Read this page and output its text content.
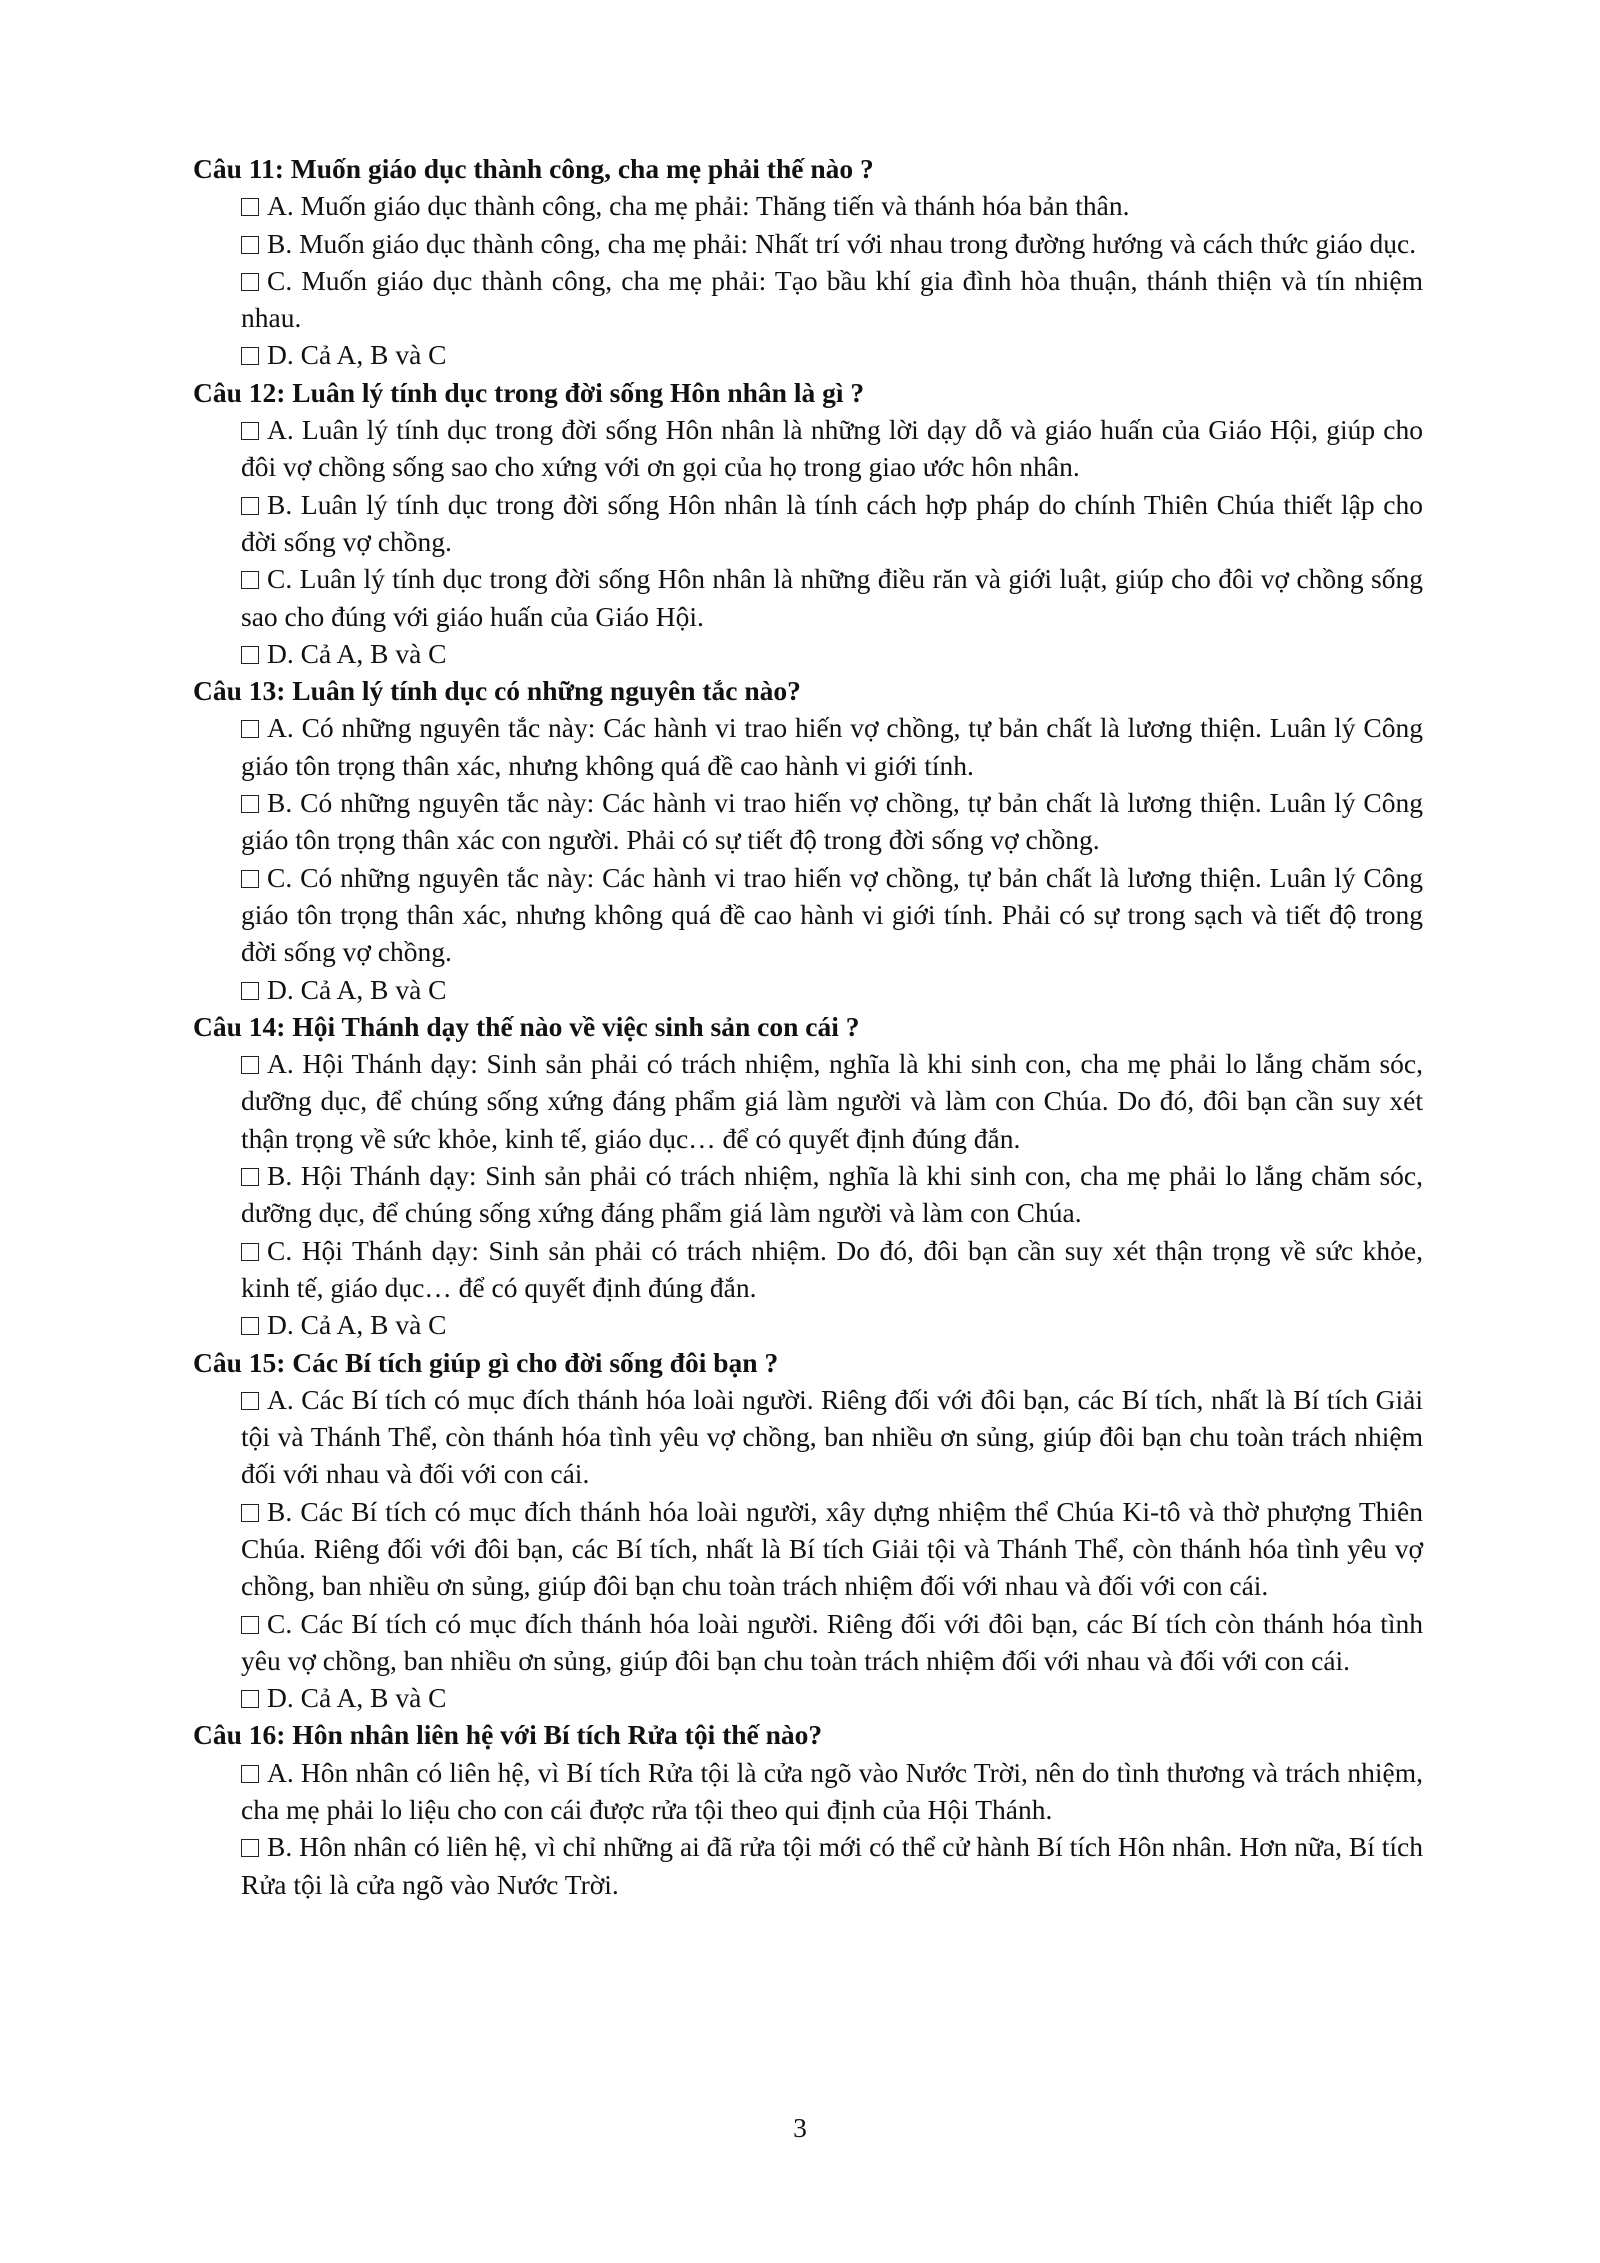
Câu 11: Muốn giáo dục thành công, cha mẹ phải thế nào ?

A. Muốn giáo dục thành công, cha mẹ phải: Thăng tiến và thánh hóa bản thân.

B. Muốn giáo dục thành công, cha mẹ phải: Nhất trí với nhau trong đường hướng và cách thức giáo dục.

C. Muốn giáo dục thành công, cha mẹ phải: Tạo bầu khí gia đình hòa thuận, thánh thiện và tín nhiệm nhau.

D. Cả A, B và C

Câu 12: Luân lý tính dục trong đời sống Hôn nhân là gì ?

A. Luân lý tính dục trong đời sống Hôn nhân là những lời dạy dỗ và giáo huấn của Giáo Hội, giúp cho đôi vợ chồng sống sao cho xứng với ơn gọi của họ trong giao ước hôn nhân.

B. Luân lý tính dục trong đời sống Hôn nhân là tính cách hợp pháp do chính Thiên Chúa thiết lập cho đời sống vợ chồng.

C. Luân lý tính dục trong đời sống Hôn nhân là những điều răn và giới luật, giúp cho đôi vợ chồng sống sao cho đúng với giáo huấn của Giáo Hội.

D. Cả A, B và C

Câu 13: Luân lý tính dục có những nguyên tắc nào?

A. Có những nguyên tắc này: Các hành vi trao hiến vợ chồng, tự bản chất là lương thiện. Luân lý Công giáo tôn trọng thân xác, nhưng không quá đề cao hành vi giới tính.

B. Có những nguyên tắc này: Các hành vi trao hiến vợ chồng, tự bản chất là lương thiện. Luân lý Công giáo tôn trọng thân xác con người. Phải có sự tiết độ trong đời sống vợ chồng.

C. Có những nguyên tắc này: Các hành vi trao hiến vợ chồng, tự bản chất là lương thiện. Luân lý Công giáo tôn trọng thân xác, nhưng không quá đề cao hành vi giới tính. Phải có sự trong sạch và tiết độ trong đời sống vợ chồng.

D. Cả A, B và C

Câu 14: Hội Thánh dạy thế nào về việc sinh sản con cái ?

A. Hội Thánh dạy: Sinh sản phải có trách nhiệm, nghĩa là khi sinh con, cha mẹ phải lo lắng chăm sóc, dưỡng dục, để chúng sống xứng đáng phẩm giá làm người và làm con Chúa. Do đó, đôi bạn cần suy xét thận trọng về sức khỏe, kinh tế, giáo dục… để có quyết định đúng đắn.

B. Hội Thánh dạy: Sinh sản phải có trách nhiệm, nghĩa là khi sinh con, cha mẹ phải lo lắng chăm sóc, dưỡng dục, để chúng sống xứng đáng phẩm giá làm người và làm con Chúa.

C. Hội Thánh dạy: Sinh sản phải có trách nhiệm. Do đó, đôi bạn cần suy xét thận trọng về sức khỏe, kinh tế, giáo dục… để có quyết định đúng đắn.

D. Cả A, B và C

Câu 15: Các Bí tích giúp gì cho đời sống đôi bạn ?

A. Các Bí tích có mục đích thánh hóa loài người. Riêng đối với đôi bạn, các Bí tích, nhất là Bí tích Giải tội và Thánh Thể, còn thánh hóa tình yêu vợ chồng, ban nhiều ơn sủng, giúp đôi bạn chu toàn trách nhiệm đối với nhau và đối với con cái.

B. Các Bí tích có mục đích thánh hóa loài người, xây dựng nhiệm thể Chúa Ki-tô và thờ phượng Thiên Chúa. Riêng đối với đôi bạn, các Bí tích, nhất là Bí tích Giải tội và Thánh Thể, còn thánh hóa tình yêu vợ chồng, ban nhiều ơn sủng, giúp đôi bạn chu toàn trách nhiệm đối với nhau và đối với con cái.

C. Các Bí tích có mục đích thánh hóa loài người. Riêng đối với đôi bạn, các Bí tích còn thánh hóa tình yêu vợ chồng, ban nhiều ơn sủng, giúp đôi bạn chu toàn trách nhiệm đối với nhau và đối với con cái.

D. Cả A, B và C

Câu 16: Hôn nhân liên hệ với Bí tích Rửa tội thế nào?

A. Hôn nhân có liên hệ, vì Bí tích Rửa tội là cửa ngõ vào Nước Trời, nên do tình thương và trách nhiệm, cha mẹ phải lo liệu cho con cái được rửa tội theo qui định của Hội Thánh.

B. Hôn nhân có liên hệ, vì chỉ những ai đã rửa tội mới có thể cử hành Bí tích Hôn nhân. Hơn nữa, Bí tích Rửa tội là cửa ngõ vào Nước Trời.

3
